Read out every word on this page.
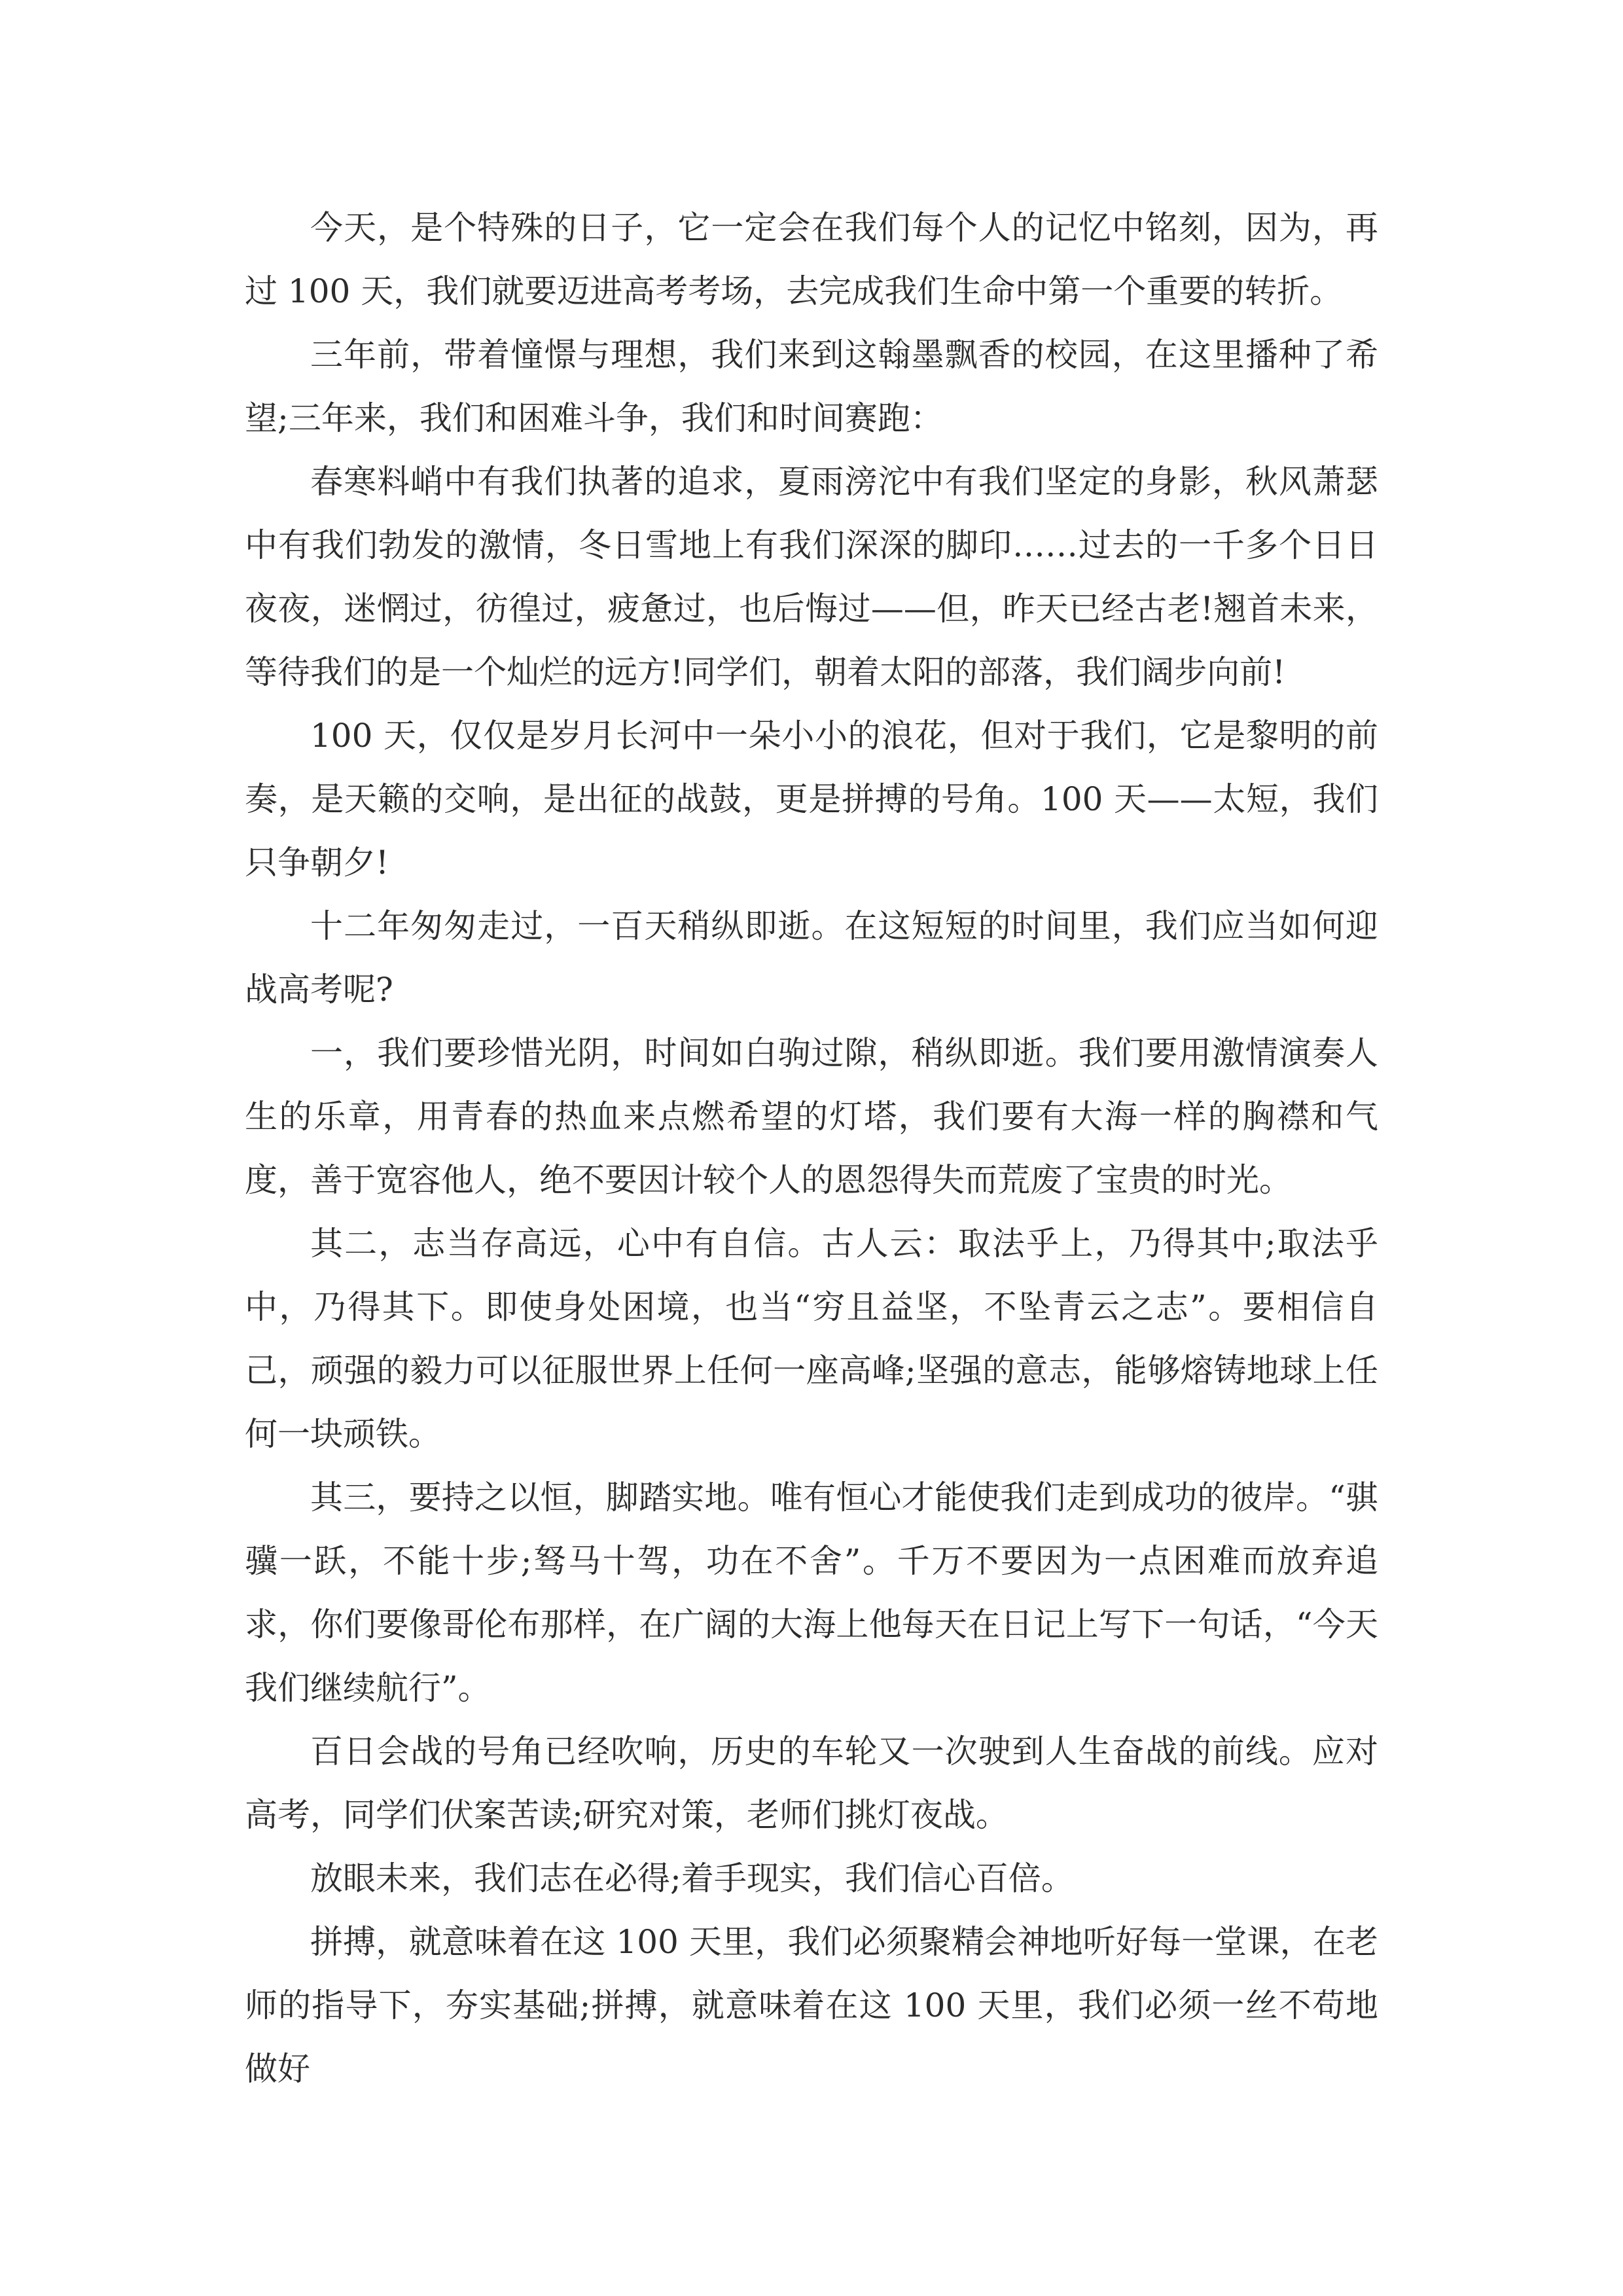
今天，是个特殊的日子，它一定会在我们每个人的记忆中铭刻，因为，再过 100 天，我们就要迈进高考考场，去完成我们生命中第一个重要的转折。

三年前，带着憧憬与理想，我们来到这翰墨飘香的校园，在这里播种了希望;三年来，我们和困难斗争，我们和时间赛跑：

春寒料峭中有我们执著的追求，夏雨滂沱中有我们坚定的身影，秋风萧瑟中有我们勃发的激情，冬日雪地上有我们深深的脚印……过去的一千多个日日夜夜，迷惘过，彷徨过，疲惫过，也后悔过——但，昨天已经古老!翘首未来，等待我们的是一个灿烂的远方!同学们，朝着太阳的部落，我们阔步向前!

100 天，仅仅是岁月长河中一朵小小的浪花，但对于我们，它是黎明的前奏，是天籁的交响，是出征的战鼓，更是拼搏的号角。100 天——太短，我们只争朝夕!

十二年匆匆走过，一百天稍纵即逝。在这短短的时间里，我们应当如何迎战高考呢?

一，我们要珍惜光阴，时间如白驹过隙，稍纵即逝。我们要用激情演奏人生的乐章，用青春的热血来点燃希望的灯塔，我们要有大海一样的胸襟和气度，善于宽容他人，绝不要因计较个人的恩怨得失而荒废了宝贵的时光。

其二，志当存高远，心中有自信。古人云：取法乎上，乃得其中;取法乎中，乃得其下。即使身处困境，也当“穷且益坚，不坠青云之志”。要相信自己，顽强的毅力可以征服世界上任何一座高峰;坚强的意志，能够熔铸地球上任何一块顽铁。

其三，要持之以恒，脚踏实地。唯有恒心才能使我们走到成功的彼岸。“骐骥一跃，不能十步;驽马十驾，功在不舍”。千万不要因为一点困难而放弃追求，你们要像哥伦布那样，在广阔的大海上他每天在日记上写下一句话，“今天我们继续航行”。

百日会战的号角已经吹响，历史的车轮又一次驶到人生奋战的前线。应对高考，同学们伏案苦读;研究对策，老师们挑灯夜战。

放眼未来，我们志在必得;着手现实，我们信心百倍。

拼搏，就意味着在这 100 天里，我们必须聚精会神地听好每一堂课，在老师的指导下，夯实基础;拼搏，就意味着在这 100 天里，我们必须一丝不苟地做好
